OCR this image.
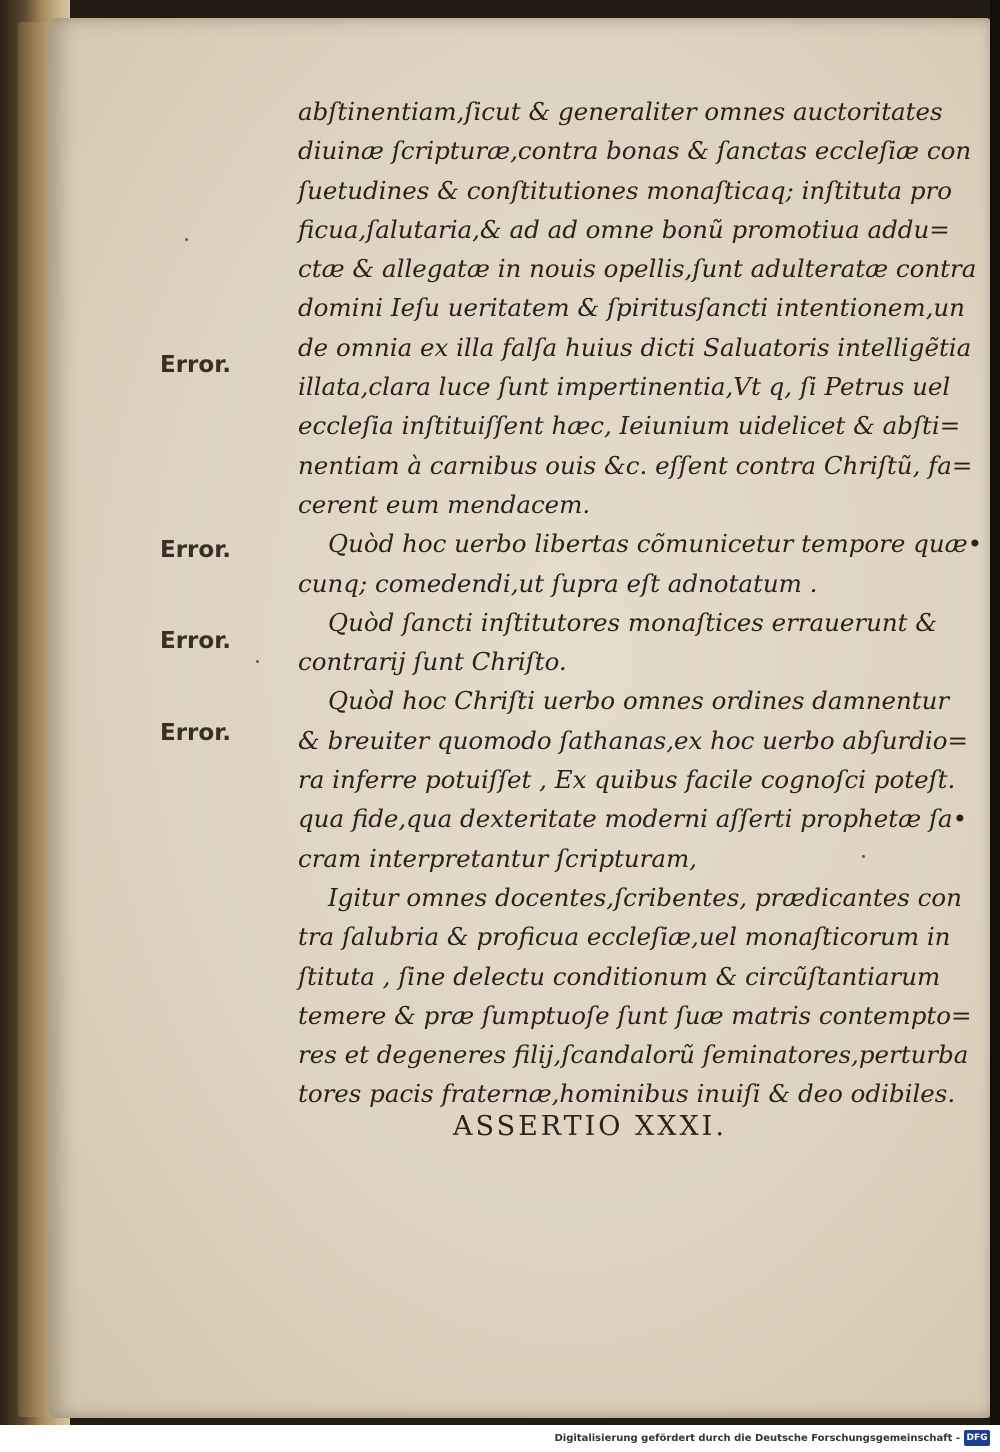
abſtinentiam,ſicut & generaliter omnes auctoritates
diuinæ ſcripturæ,contra bonas & ſanctas eccleſiæ con
ſuetudines & conſtitutiones monaſticaq; inſtituta pro
ficua,ſalutaria,& ad ad omne bonũ promotiua addu=
ctæ & allegatæ in nouis opellis,ſunt adulteratæ contra
domini Ieſu ueritatem & ſpiritusſancti intentionem,un
de omnia ex illa falſa huius dicti Saluatoris intelligẽtia
illata,clara luce ſunt impertinentia,Vt q, ſi Petrus uel
eccleſia inſtituiſſent hæc, Ieiunium uidelicet & abſti=
nentiam à carnibus ouis &c. eſſent contra Chriſtũ, fa=
cerent eum mendacem.
Quòd hoc uerbo libertas cõmunicetur tempore quæ•
cunq; comedendi,ut ſupra eſt adnotatum .
Quòd ſancti inſtitutores monaſtices errauerunt &
contrarij ſunt Chriſto.
Quòd hoc Chriſti uerbo omnes ordines damnentur
& breuiter quomodo ſathanas,ex hoc uerbo abſurdio=
ra inferre potuiſſet , Ex quibus facile cognoſci poteſt.
qua fide,qua dexteritate moderni aſſerti prophetæ ſa•
cram interpretantur ſcripturam,
Igitur omnes docentes,ſcribentes, prædicantes con
tra ſalubria & proficua eccleſiæ,uel monaſticorum in
ſtituta , ſine delectu conditionum & circũſtantiarum
temere & præ ſumptuoſe ſunt ſuæ matris contempto=
res et degeneres filij,ſcandalorũ ſeminatores,perturba
tores pacis fraternæ,hominibus inuiſi & deo odibiles.
Error.
Error.
Error.
Error.
ASSERTIO XXXI.
Digitalisierung gefördert durch die Deutsche Forschungsgemeinschaft - DFG
